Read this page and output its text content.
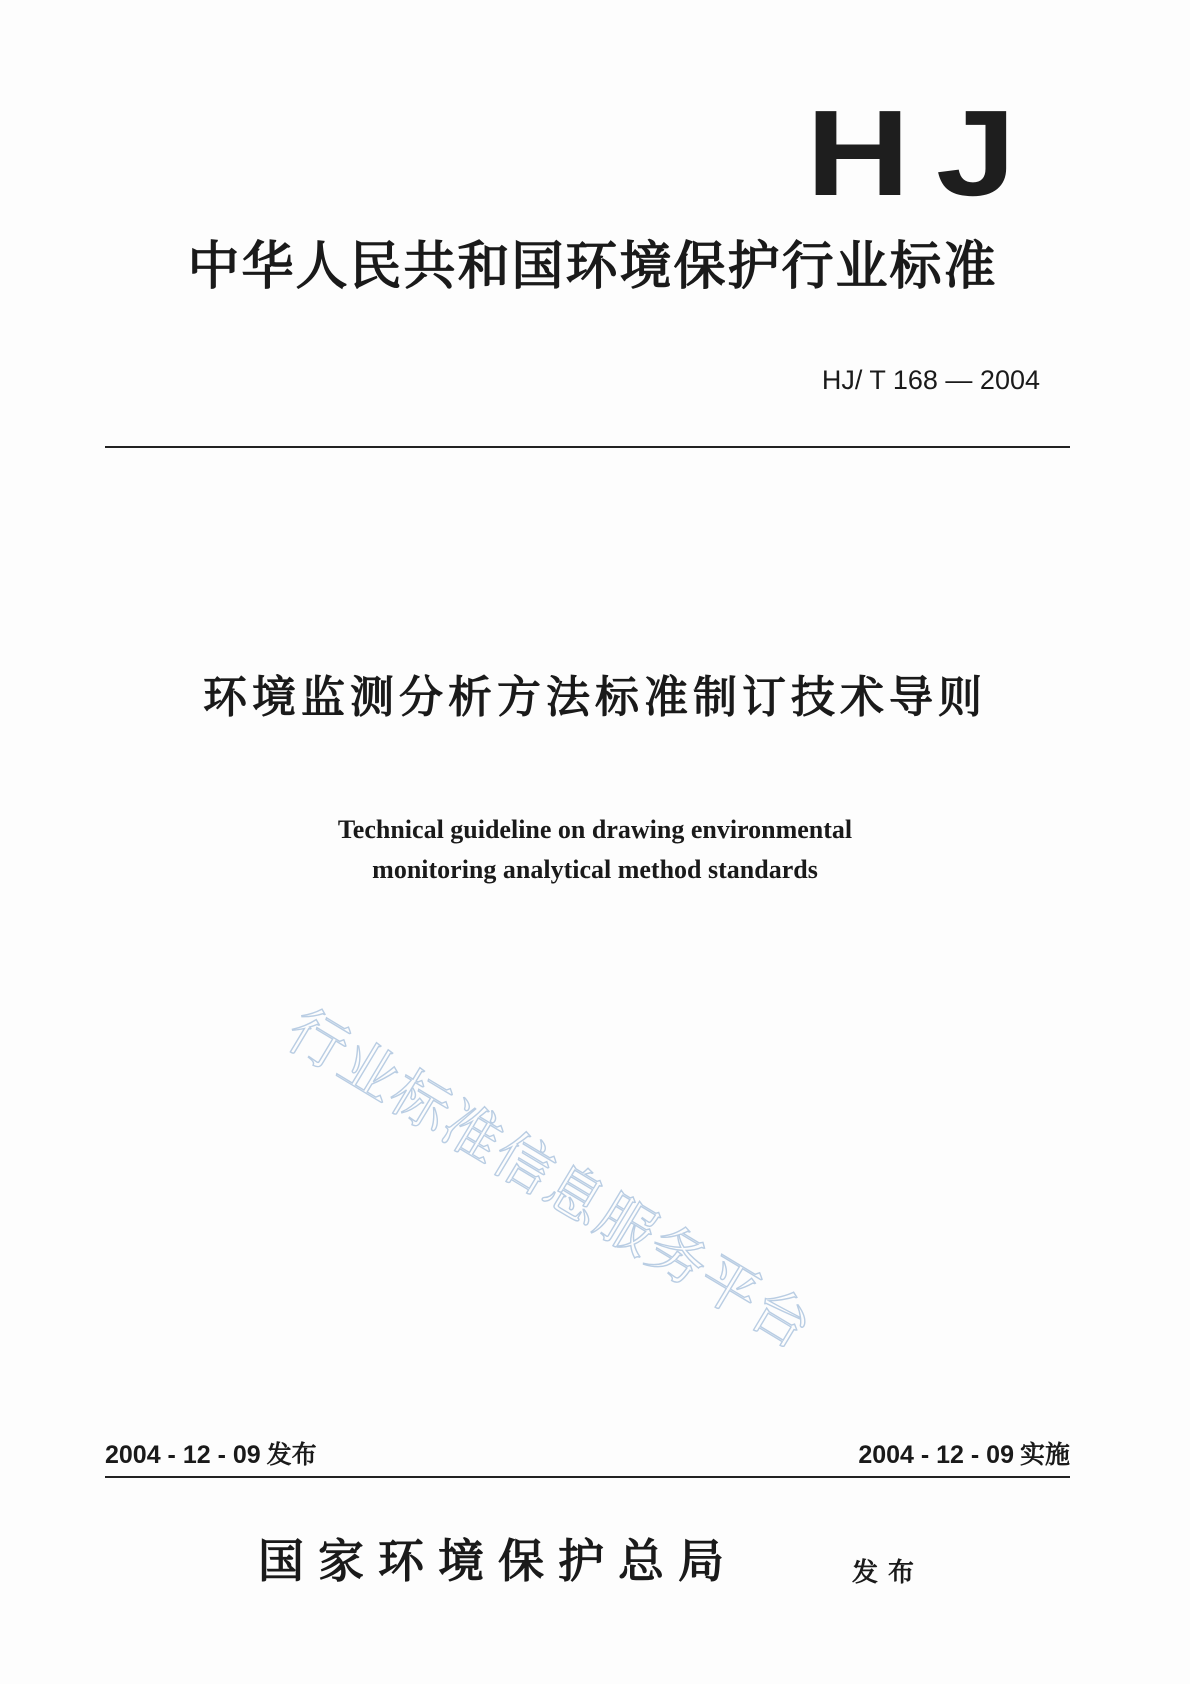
HJ
中华人民共和国环境保护行业标准
HJ/ T 168 — 2004
环境监测分析方法标准制订技术导则
Technical guideline on drawing environmental
monitoring analytical method standards
行业标准信息服务平台
2004 - 12 - 09 发布	2004 - 12 - 09 实施
国家环境保护总局	发布
